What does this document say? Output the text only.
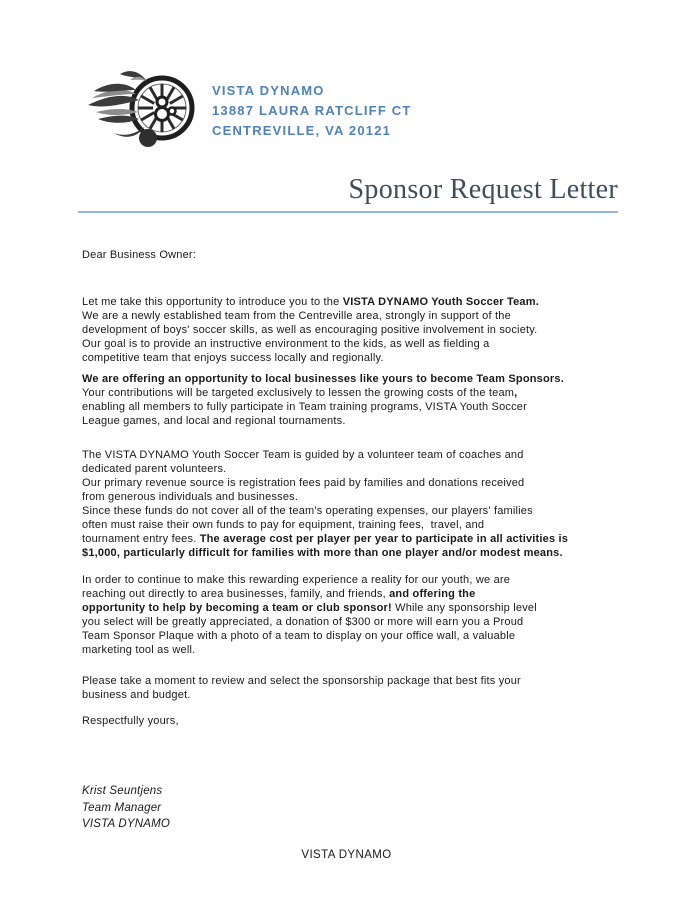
VISTA DYNAMO
13887 LAURA RATCLIFF CT
CENTREVILLE, VA 20121
Sponsor Request Letter
Dear Business Owner:
Let me take this opportunity to introduce you to the VISTA DYNAMO Youth Soccer Team.
We are a newly established team from the Centreville area, strongly in support of the
development of boys' soccer skills, as well as encouraging positive involvement in society.
Our goal is to provide an instructive environment to the kids, as well as fielding a
competitive team that enjoys success locally and regionally.
We are offering an opportunity to local businesses like yours to become Team Sponsors.
Your contributions will be targeted exclusively to lessen the growing costs of the team,
enabling all members to fully participate in Team training programs, VISTA Youth Soccer
League games, and local and regional tournaments.
The VISTA DYNAMO Youth Soccer Team is guided by a volunteer team of coaches and
dedicated parent volunteers.
Our primary revenue source is registration fees paid by families and donations received
from generous individuals and businesses.
Since these funds do not cover all of the team's operating expenses, our players' families
often must raise their own funds to pay for equipment, training fees,  travel, and
tournament entry fees. The average cost per player per year to participate in all activities is
$1,000, particularly difficult for families with more than one player and/or modest means.
In order to continue to make this rewarding experience a reality for our youth, we are
reaching out directly to area businesses, family, and friends, and offering the
opportunity to help by becoming a team or club sponsor! While any sponsorship level
you select will be greatly appreciated, a donation of $300 or more will earn you a Proud
Team Sponsor Plaque with a photo of a team to display on your office wall, a valuable
marketing tool as well.
Please take a moment to review and select the sponsorship package that best fits your
business and budget.
Respectfully yours,
Krist Seuntjens
Team Manager
VISTA DYNAMO
VISTA DYNAMO
